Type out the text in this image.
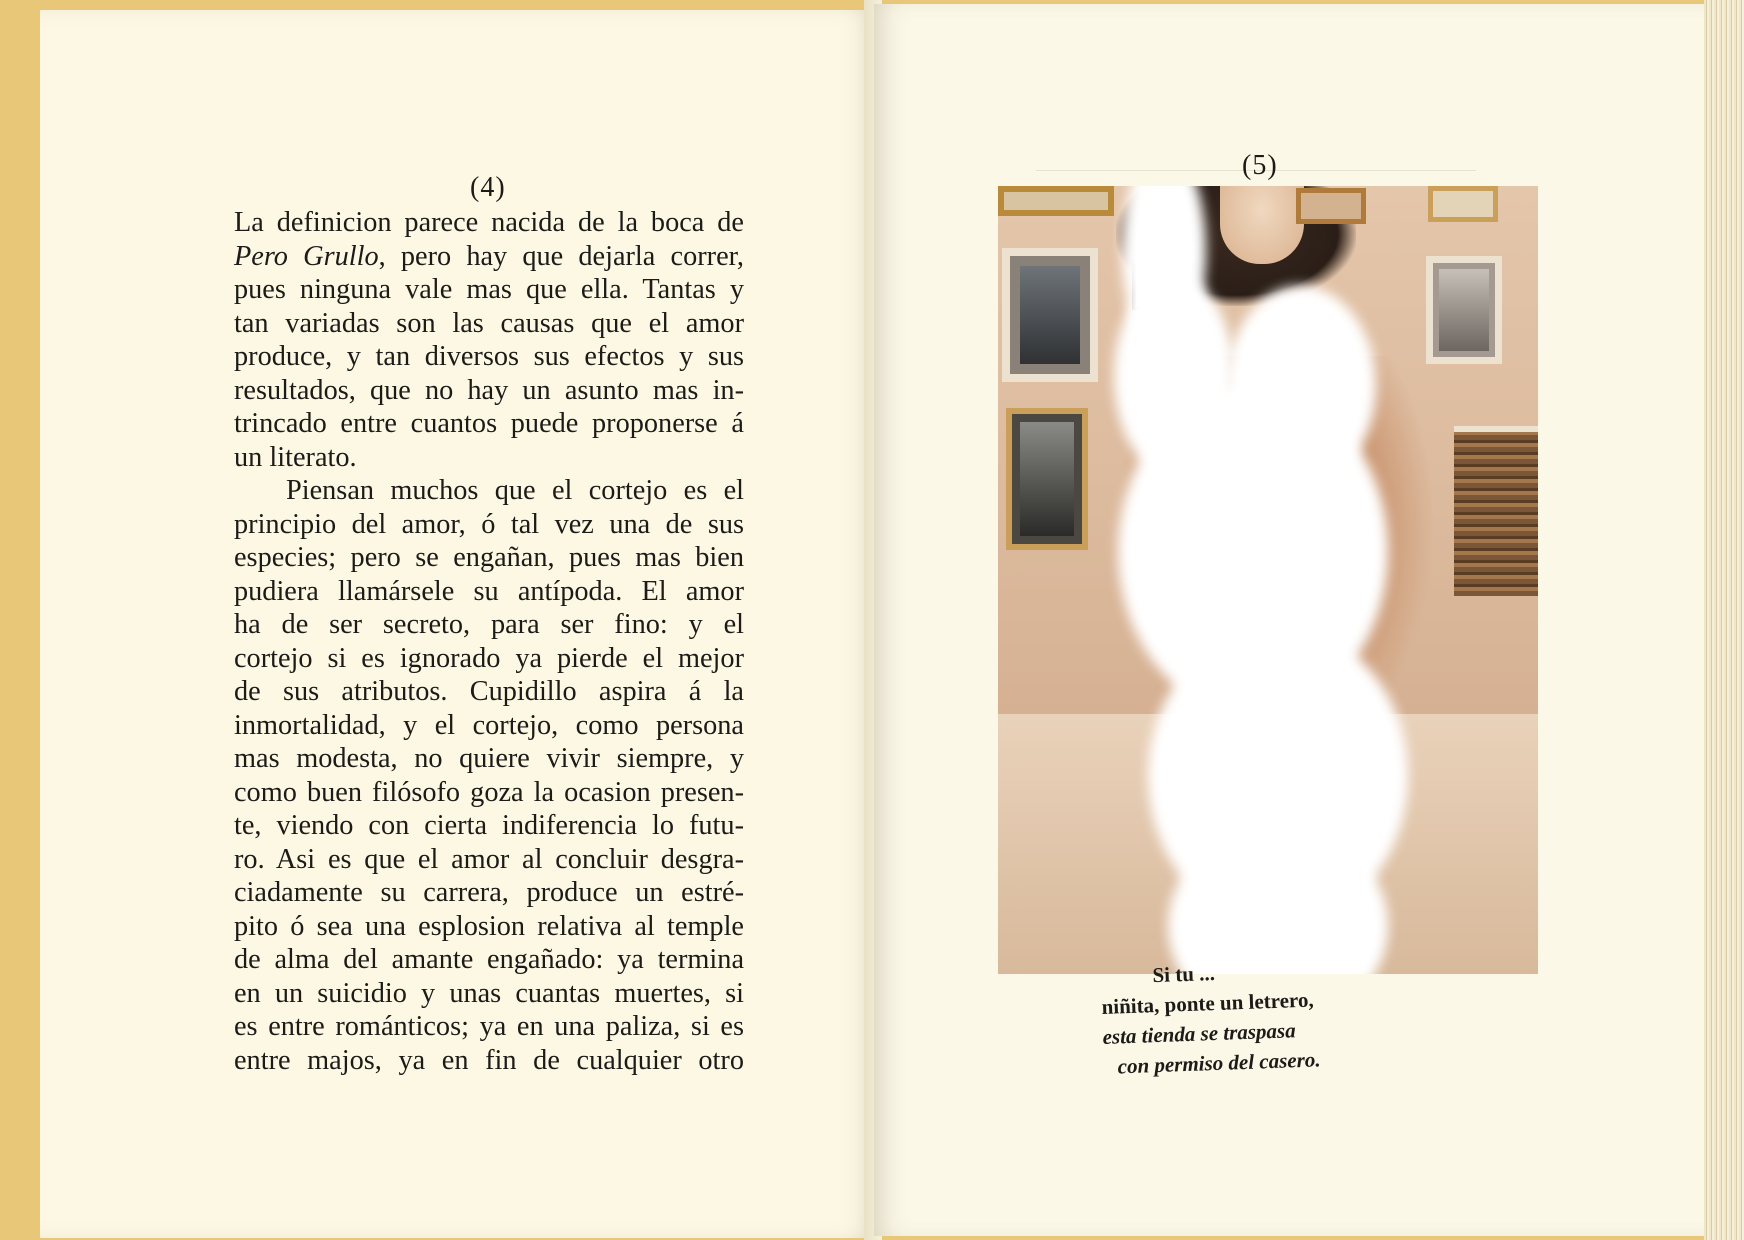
(4)
La definicion parece nacida de la boca de
Pero Grullo, pero hay que dejarla correr,
pues ninguna vale mas que ella. Tantas y
tan variadas son las causas que el amor
produce, y tan diversos sus efectos y sus
resultados, que no hay un asunto mas in-
trincado entre cuantos puede proponerse á
un literato.
Piensan muchos que el cortejo es el
principio del amor, ó tal vez una de sus
especies; pero se engañan, pues mas bien
pudiera llamársele su antípoda. El amor
ha de ser secreto, para ser fino: y el
cortejo si es ignorado ya pierde el mejor
de sus atributos. Cupidillo aspira á la
inmortalidad, y el cortejo, como persona
mas modesta, no quiere vivir siempre, y
como buen filósofo goza la ocasion presen-
te, viendo con cierta indiferencia lo futu-
ro. Asi es que el amor al concluir desgra-
ciadamente su carrera, produce un estré-
pito ó sea una esplosion relativa al temple
de alma del amante engañado: ya termina
en un suicidio y unas cuantas muertes, si
es entre románticos; ya en una paliza, si es
entre majos, ya en fin de cualquier otro
(5)
Si tu ...
niñita, ponte un letrero,
esta tienda se traspasa
con permiso del casero.
